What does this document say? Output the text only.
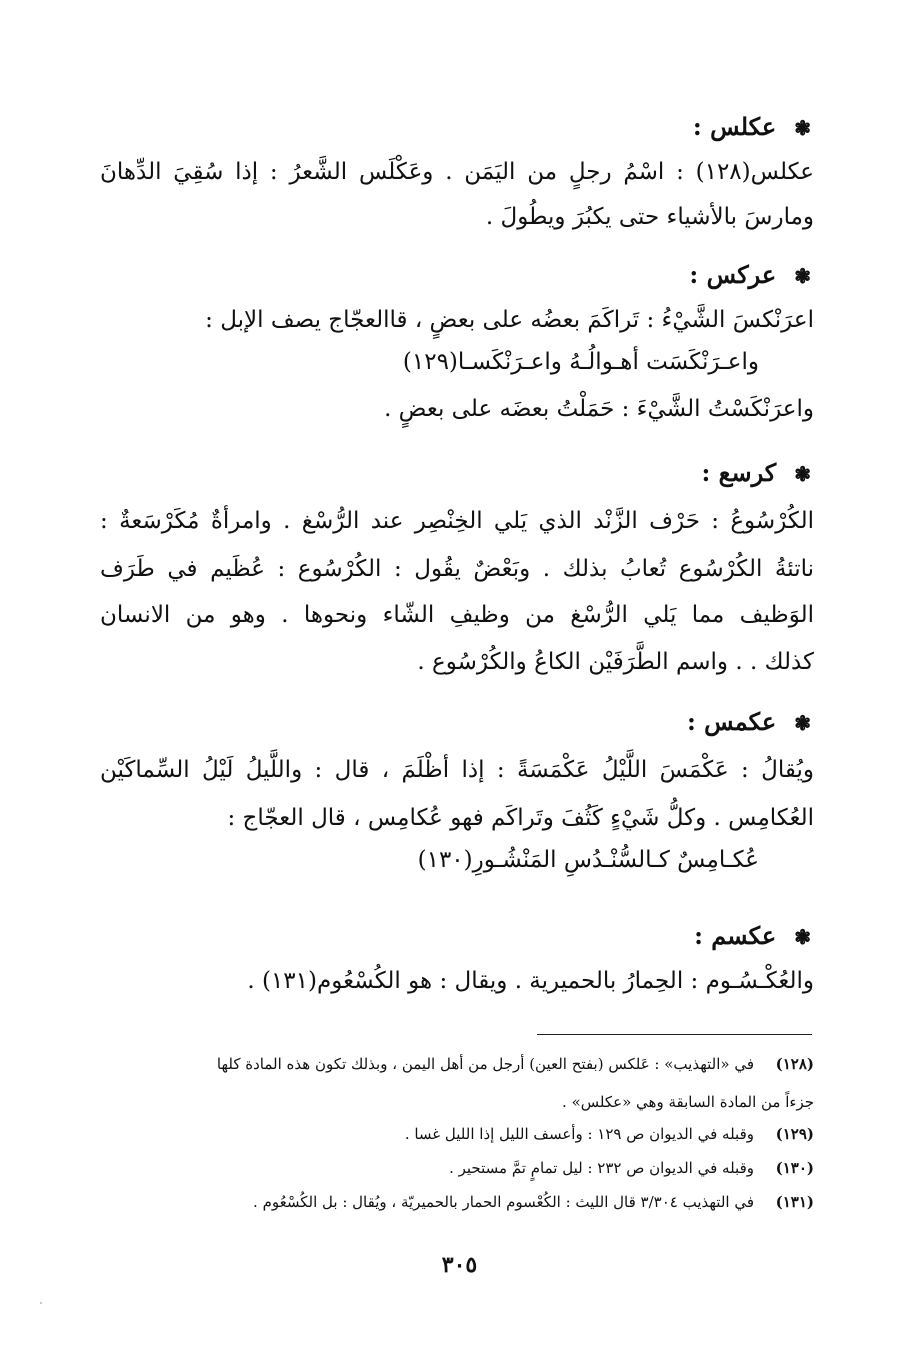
❃عكلس :
عكلس(١٢٨) : اسْمُ رجلٍ من اليَمَن . وعَكْلَس الشَّعرُ : إذا سُقِيَ الدِّهانَ
ومارسَ بالأشياء حتى يكبُرَ ويطُولَ .
❃عركس :
اعرَنْكسَ الشَّيْءُ : تَراكَمَ بعضُه على بعضٍ ، قاالعجّاج يصف الإبل :
واعـرَنْكَسَت أهـوالُـهُ واعـرَنْكَسـا(١٢٩)
واعرَنْكَسْتُ الشَّيْءَ : حَمَلْتُ بعضَه على بعضٍ .
❃كرسع :
الكُرْسُوعُ : حَرْف الزَّنْد الذي يَلي الخِنْصِر عند الرُّسْغ . وامرأةٌ مُكَرْسَعةٌ :
ناتئةُ الكُرْسُوع تُعابُ بذلك . وبَعْضٌ يقُول : الكُرْسُوع : عُظَيم في طَرَف
الوَظيف مما يَلي الرُّسْغ من وظيفِ الشّاء ونحوها . وهو من الانسان
كذلك . . واسم الطَّرَفَيْن الكاعُ والكُرْسُوع .
❃عكمس :
ويُقالُ : عَكْمَسَ اللَّيْلُ عَكْمَسَةً : إذا أظْلَمَ ، قال : واللَّيلُ لَيْلُ السِّماكَيْن
العُكامِس . وكلُّ شَيْءٍ كَثُفَ وتَراكَم فهو عُكامِس ، قال العجّاج :
عُكـامِسٌ كـالسُّنْـدُسِ المَنْشُـورِ(١٣٠)
❃عكسم :
والعُكْـسُـوم : الحِمارُ بالحميرية . ويقال : هو الكُسْعُوم(١٣١) .
(١٢٨)في «التهذيب» : عَلكس (بفتح العين) أرجل من أهل اليمن ، وبذلك تكون هذه المادة كلها
جزءاً من المادة السابقة وهي «عكلس» .
(١٢٩)وقبله في الديوان ص ١٢٩ : وأعسف الليل إذا الليل غسا .
(١٣٠)وقبله في الديوان ص ٢٣٢ : ليل تمامٍ تمَّ مستحير .
(١٣١)في التهذيب ٣/٣٠٤ قال الليث : الكُعْسوم الحمار بالحميريّة ، ويُقال : بل الكُسْعُوم .
٣٠٥
